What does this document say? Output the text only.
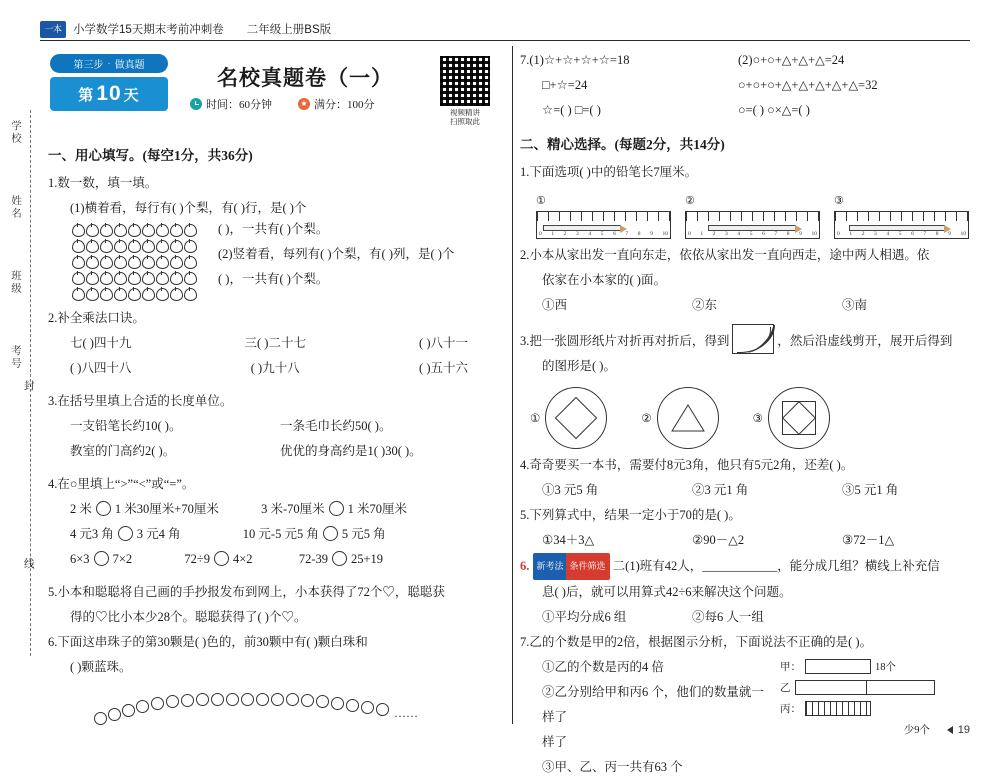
一本	小学数学15天期末考前冲刺卷 二年级上册BS版
学校
姓名
班级
考号
封
线
第三步 · 做真题
第 10 天
名校真题卷（一）
时间：60分钟	★ 满分：100分
视频精讲
扫照取此
一、用心填写。(每空1分，共36分)
1.数一数，填一填。
(1)横着看，每行有( )个梨，有( )行，是( )个
( )，一共有( )个梨。
(2)竖着看，每列有( )个梨，有( )列，是( )个
( )，一共有( )个梨。
2.补全乘法口诀。
七( )四十九	三( )二十七	( )八十一
( )八四十八	( )九十八	( )五十六
3.在括号里填上合适的长度单位。
一支铅笔长约10( )。	一条毛巾长约50( )。
教室的门高约2( )。	优优的身高约是1( )30( )。
4.在○里填上“>”“<”或“=”。
2 米 1 米30厘米+70厘米	3 米-70厘米 1 米70厘米
4 元3 角 3 元4 角	10 元-5 元5 角 5 元5 角
6×3 7×2	72÷9 4×2	72-39 25+19
5.小本和聪聪将自己画的手抄报发布到网上，小本获得了72个♡，聪聪获
得的♡比小本少28个。聪聪获得了( )个♡。
6.下面这串珠子的第30颗是( )色的，前30颗中有( )颗白珠和
( )颗蓝珠。
……
7.(1)☆+☆+☆+☆=18
□+☆=24
☆=( ) □=( )
(2)○+○+△+△+△=24
○+○+○+△+△+△+△+△=32
○=( ) ○×△=( )
二、精心选择。(每题2分，共14分)
1.下面选项( )中的铅笔长7厘米。
①
0 1 2 3 4 5 6 7 8 9 10
②
0 1 2 3 4 5 6 7 8 9 10
③
0 1 2 3 4 5 6 7 8 9 10
2.小本从家出发一直向东走，依依从家出发一直向西走，途中两人相遇。依
依家在小本家的( )面。
①西	②东	③南
3.把一张圆形纸片对折再对折后，得到	，然后沿虚线剪开，展开后得到
的图形是( )。
①	②	③
4.奇奇要买一本书，需要付8元3角，他只有5元2角，还差( )。
①3 元5 角	②3 元1 角	③5 元1 角
5.下列算式中，结果一定小于70的是( )。
①34＋3△	②90－△2	③72－1△
6. 新考法 条件筛选 二(1)班有42人，____________，能分成几组？横线上补充信
息( )后，就可以用算式42÷6来解决这个问题。
①平均分成6 组	②每6 人一组
7.乙的个数是甲的2倍，根据图示分析，下面说法不正确的是( )。
①乙的个数是丙的4 倍
②乙分别给甲和丙6 个，他们的数量就一样了
样了
③甲、乙、丙一共有63 个
甲：	18个
乙
丙：
少9个	19
